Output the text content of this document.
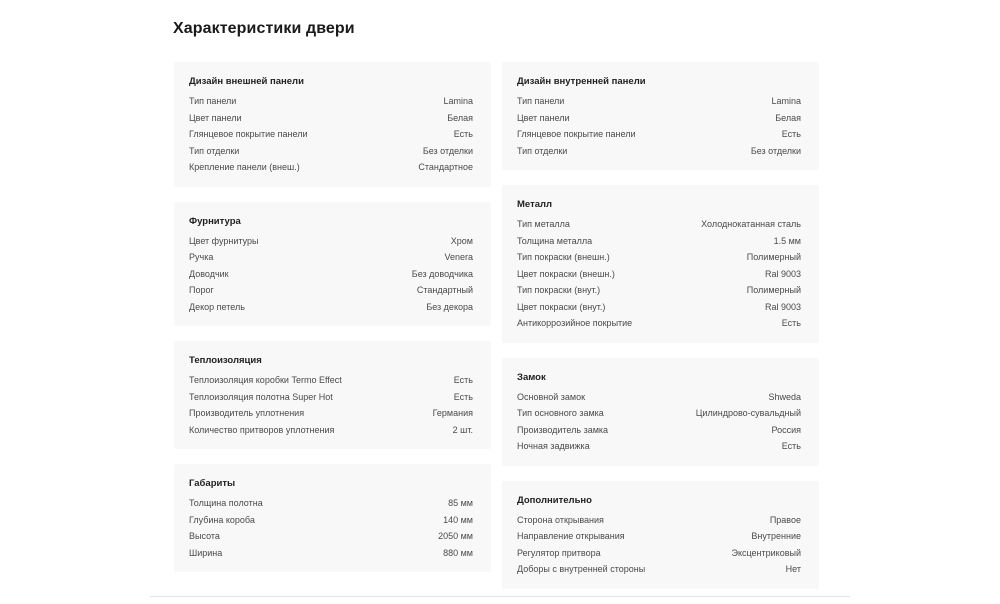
Характеристики двери
Дизайн внешней панели
Тип панели	Lamina
Цвет панели	Белая
Глянцевое покрытие панели	Есть
Тип отделки	Без отделки
Крепление панели (внеш.)	Стандартное
Фурнитура
Цвет фурнитуры	Хром
Ручка	Venera
Доводчик	Без доводчика
Порог	Стандартный
Декор петель	Без декора
Теплоизоляция
Теплоизоляция коробки Termo Effect	Есть
Теплоизоляция полотна Super Hot	Есть
Производитель уплотнения	Германия
Количество притворов уплотнения	2 шт.
Габариты
Толщина полотна	85 мм
Глубина короба	140 мм
Высота	2050 мм
Ширина	880 мм
Дизайн внутренней панели
Тип панели	Lamina
Цвет панели	Белая
Глянцевое покрытие панели	Есть
Тип отделки	Без отделки
Металл
Тип металла	Холоднокатанная сталь
Толщина металла	1.5 мм
Тип покраски (внешн.)	Полимерный
Цвет покраски (внешн.)	Ral 9003
Тип покраски (внут.)	Полимерный
Цвет покраски (внут.)	Ral 9003
Антикоррозийное покрытие	Есть
Замок
Основной замок	Shweda
Тип основного замка	Цилиндрово-сувальдный
Производитель замка	Россия
Ночная задвижка	Есть
Дополнительно
Сторона открывания	Правое
Направление открывания	Внутренние
Регулятор притвора	Эксцентриковый
Доборы с внутренней стороны	Нет
